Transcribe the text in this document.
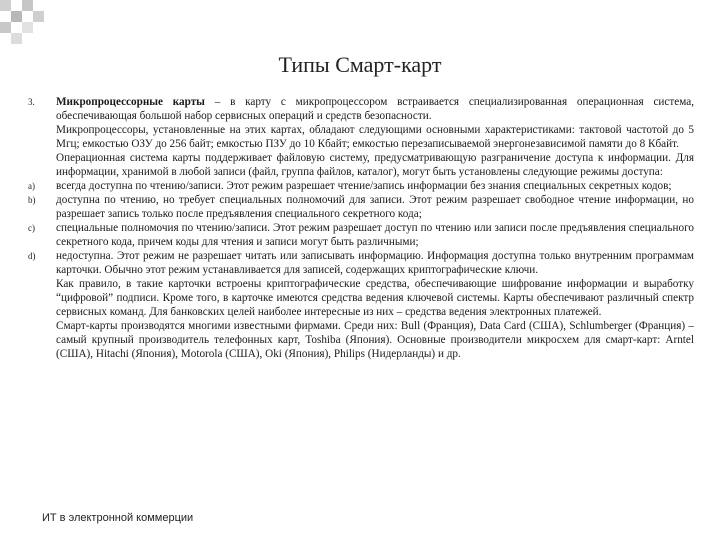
Типы Смарт-карт
3. Микропроцессорные карты – в карту с микропроцессором встраивается специализированная операционная система, обеспечивающая большой набор сервисных операций и средств безопасности.
Микропроцессоры, установленные на этих картах, обладают следующими основными характеристиками: тактовой частотой до 5 Мгц; емкостью ОЗУ до 256 байт; емкостью ПЗУ до 10 Кбайт; емкостью перезаписываемой энергонезависимой памяти до 8 Кбайт.
Операционная система карты поддерживает файловую систему, предусматривающую разграничение доступа к информации. Для информации, хранимой в любой записи (файл, группа файлов, каталог), могут быть установлены следующие режимы доступа:
a) всегда доступна по чтению/записи. Этот режим разрешает чтение/запись информации без знания специальных секретных кодов;
b) доступна по чтению, но требует специальных полномочий для записи. Этот режим разрешает свободное чтение информации, но разрешает запись только после предъявления специального секретного кода;
c) специальные полномочия по чтению/записи. Этот режим разрешает доступ по чтению или записи после предъявления специального секретного кода, причем коды для чтения и записи могут быть различными;
d) недоступна. Этот режим не разрешает читать или записывать информацию. Информация доступна только внутренним программам карточки. Обычно этот режим устанавливается для записей, содержащих криптографические ключи.
Как правило, в такие карточки встроены криптографические средства, обеспечивающие шифрование информации и выработку “цифровой” подписи. Кроме того, в карточке имеются средства ведения ключевой системы. Карты обеспечивают различный спектр сервисных команд. Для банковских целей наиболее интересные из них – средства ведения электронных платежей.
Смарт-карты производятся многими известными фирмами. Среди них: Bull (Франция), Data Card (США), Schlumberger (Франция) – самый крупный производитель телефонных карт, Toshiba (Япония). Основные производители микросхем для смарт-карт: Arntel (США), Hitachi (Япония), Motorola (США), Oki (Япония), Philips (Нидерланды) и др.
ИТ в электронной коммерции
